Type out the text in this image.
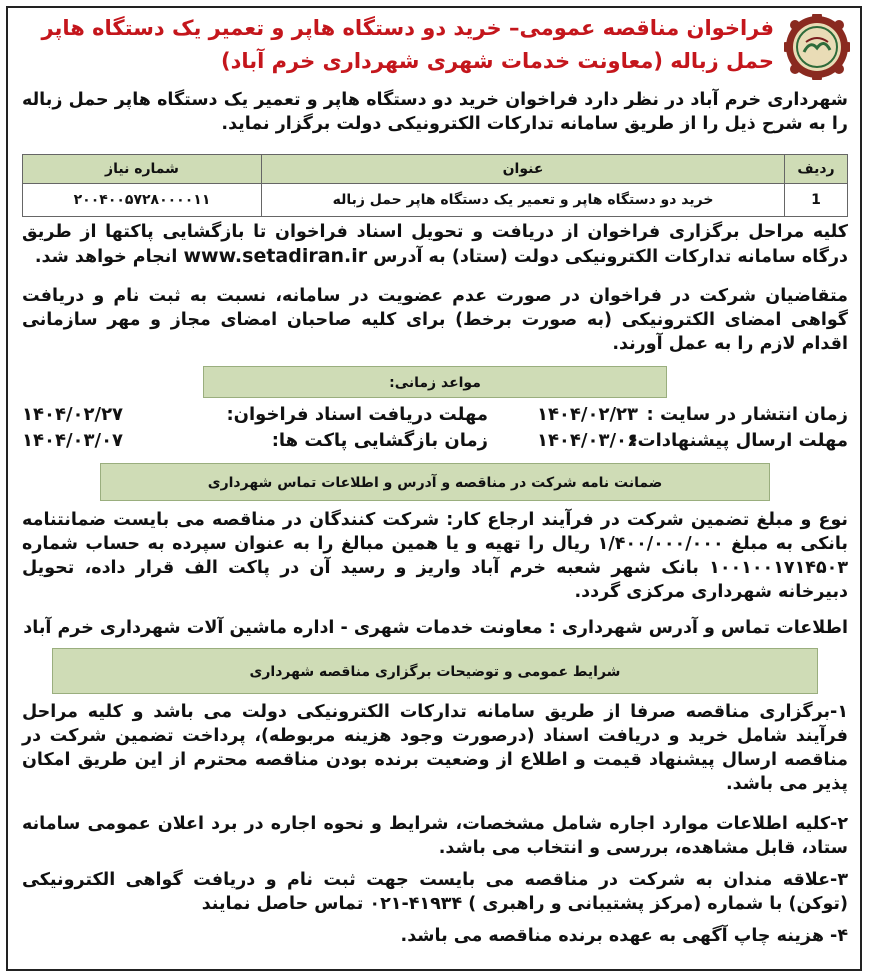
فراخوان مناقصه عمومی– خرید دو دستگاه هاپر و تعمیر یک دستگاه هاپر
حمل زباله (معاونت خدمات شهری شهرداری خرم آباد)
شهرداری خرم آباد در نظر دارد فراخوان خرید دو دستگاه هاپر و تعمیر یک دستگاه هاپر حمل زباله را به شرح ذیل را از طریق سامانه تدارکات الکترونیکی دولت برگزار نماید.
ردیف	عنوان	شماره نیاز
1	خرید دو دستگاه هاپر و تعمیر یک دستگاه هاپر حمل زباله	۲۰۰۴۰۰۵۷۲۸۰۰۰۰۱۱
کلیه مراحل برگزاری فراخوان از دریافت و تحویل اسناد فراخوان تا بازگشایی پاکتها از طریق درگاه سامانه تدارکات الکترونیکی دولت (ستاد) به آدرس www.setadiran.ir انجام خواهد شد.
متقاضیان شرکت در فراخوان در صورت عدم عضویت در سامانه، نسبت به ثبت نام و دریافت گواهی امضای الکترونیکی (به صورت برخط) برای کلیه صاحبان امضای مجاز و مهر سازمانی اقدام لازم را به عمل آورند.
مواعد زمانی:
زمان انتشار در سایت :
۱۴۰۴/۰۲/۲۳
مهلت دریافت اسناد فراخوان:
۱۴۰۴/۰۲/۲۷
مهلت ارسال پیشنهادات:
۱۴۰۴/۰۳/۰۶
زمان بازگشایی پاکت ها:
۱۴۰۴/۰۳/۰۷
ضمانت نامه شرکت در مناقصه و آدرس و اطلاعات تماس شهرداری
نوع و مبلغ تضمین شرکت در فرآیند ارجاع کار: شرکت کنندگان در مناقصه می بایست ضمانتنامه بانکی به مبلغ ۱/۴۰۰/۰۰۰/۰۰۰ ریال را تهیه و یا همین مبالغ را به عنوان سپرده به حساب شماره ۱۰۰۱۰۰۱۷۱۴۵۰۳ بانک شهر شعبه خرم آباد واریز و رسید آن در پاکت الف قرار داده، تحویل دبیرخانه شهرداری مرکزی گردد.
اطلاعات تماس و آدرس شهرداری : معاونت خدمات شهری - اداره ماشین آلات شهرداری خرم آباد
شرایط عمومی و توضیحات برگزاری مناقصه شهرداری
۱-برگزاری مناقصه صرفا از طریق سامانه تدارکات الکترونیکی دولت می باشد و کلیه مراحل فرآیند شامل خرید و دریافت اسناد (درصورت وجود هزینه مربوطه)، پرداخت تضمین شرکت در مناقصه ارسال پیشنهاد قیمت و اطلاع از وضعیت برنده بودن مناقصه محترم از این طریق امکان پذیر می باشد.
۲-کلیه اطلاعات موارد اجاره شامل مشخصات، شرایط و نحوه اجاره در برد اعلان عمومی سامانه ستاد، قابل مشاهده، بررسی و انتخاب می باشد.
۳-علاقه مندان به شرکت در مناقصه می بایست جهت ثبت نام و دریافت گواهی الکترونیکی (توکن) با شماره (مرکز پشتیبانی و راهبری ) ۴۱۹۳۴-۰۲۱ تماس حاصل نمایند
۴- هزینه چاپ آگهی به عهده برنده مناقصه می باشد.
